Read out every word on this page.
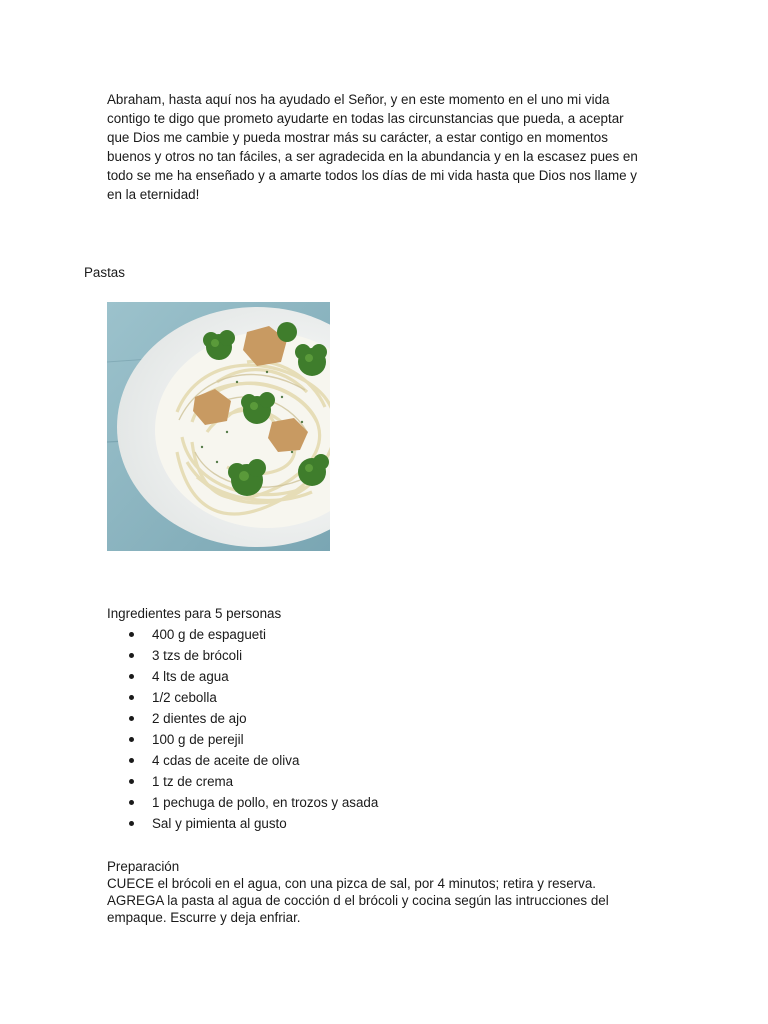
Abraham, hasta aquí nos ha ayudado el Señor, y en este momento en el uno mi vida
contigo te digo que prometo ayudarte en todas las circunstancias que pueda, a aceptar
que Dios me cambie y pueda mostrar más su carácter, a estar contigo en momentos
buenos y otros no tan fáciles, a ser agradecida en la abundancia y en la escasez pues en
todo se me ha enseñado y a amarte todos los días de mi vida hasta que Dios nos llame y
en la eternidad!

Pastas

Ingredientes para 5 personas

400 g de espagueti
3 tzs de brócoli
4 lts de agua
1/2 cebolla
2 dientes de ajo
100 g de perejil
4 cdas de aceite de oliva
1 tz de crema
1 pechuga de pollo, en trozos y asada
Sal y pimienta al gusto

Preparación

CUECE el brócoli en el agua, con una pizca de sal, por 4 minutos; retira y reserva.
AGREGA la pasta al agua de cocción d el brócoli y cocina según las intrucciones del
empaque. Escurre y deja enfriar.
